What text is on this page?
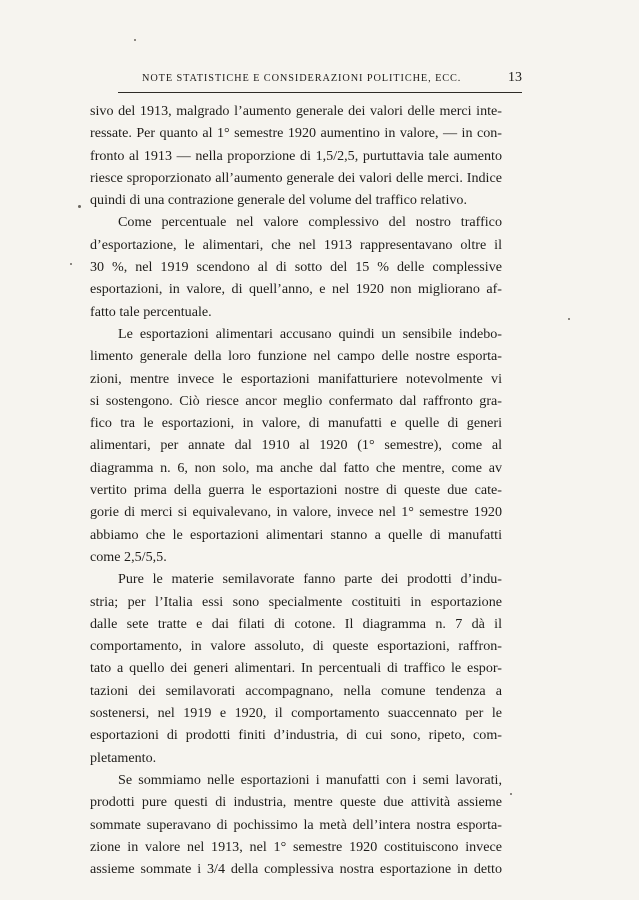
NOTE STATISTICHE E CONSIDERAZIONI POLITICHE, ECC.	13
sivo del 1913, malgrado l’aumento generale dei valori delle merci inte-
ressate. Per quanto al 1° semestre 1920 aumentino in valore, — in con-
fronto al 1913 — nella proporzione di 1,5/2,5, purtuttavia tale aumento
riesce sproporzionato all’aumento generale dei valori delle merci. Indice
quindi di una contrazione generale del volume del traffico relativo.
Come percentuale nel valore complessivo del nostro traffico
d’esportazione, le alimentari, che nel 1913 rappresentavano oltre il
30 %, nel 1919 scendono al di sotto del 15 % delle complessive
esportazioni, in valore, di quell’anno, e nel 1920 non migliorano af-
fatto tale percentuale.
Le esportazioni alimentari accusano quindi un sensibile indebo-
limento generale della loro funzione nel campo delle nostre esporta-
zioni, mentre invece le esportazioni manifatturiere notevolmente vi
si sostengono. Ciò riesce ancor meglio confermato dal raffronto gra-
fico tra le esportazioni, in valore, di manufatti e quelle di generi
alimentari, per annate dal 1910 al 1920 (1° semestre), come al
diagramma n. 6, non solo, ma anche dal fatto che mentre, come av
vertito prima della guerra le esportazioni nostre di queste due cate-
gorie di merci si equivalevano, in valore, invece nel 1° semestre 1920
abbiamo che le esportazioni alimentari stanno a quelle di manufatti
come 2,5/5,5.
Pure le materie semilavorate fanno parte dei prodotti d’indu-
stria; per l’Italia essi sono specialmente costituiti in esportazione
dalle sete tratte e dai filati di cotone. Il diagramma n. 7 dà il
comportamento, in valore assoluto, di queste esportazioni, raffron-
tato a quello dei generi alimentari. In percentuali di traffico le espor-
tazioni dei semilavorati accompagnano, nella comune tendenza a
sostenersi, nel 1919 e 1920, il comportamento suaccennato per le
esportazioni di prodotti finiti d’industria, di cui sono, ripeto, com-
pletamento.
Se sommiamo nelle esportazioni i manufatti con i semi lavorati,
prodotti pure questi di industria, mentre queste due attività assieme
sommate superavano di pochissimo la metà dell’intera nostra esporta-
zione in valore nel 1913, nel 1° semestre 1920 costituiscono invece
assieme sommate i 3/4 della complessiva nostra esportazione in detto
